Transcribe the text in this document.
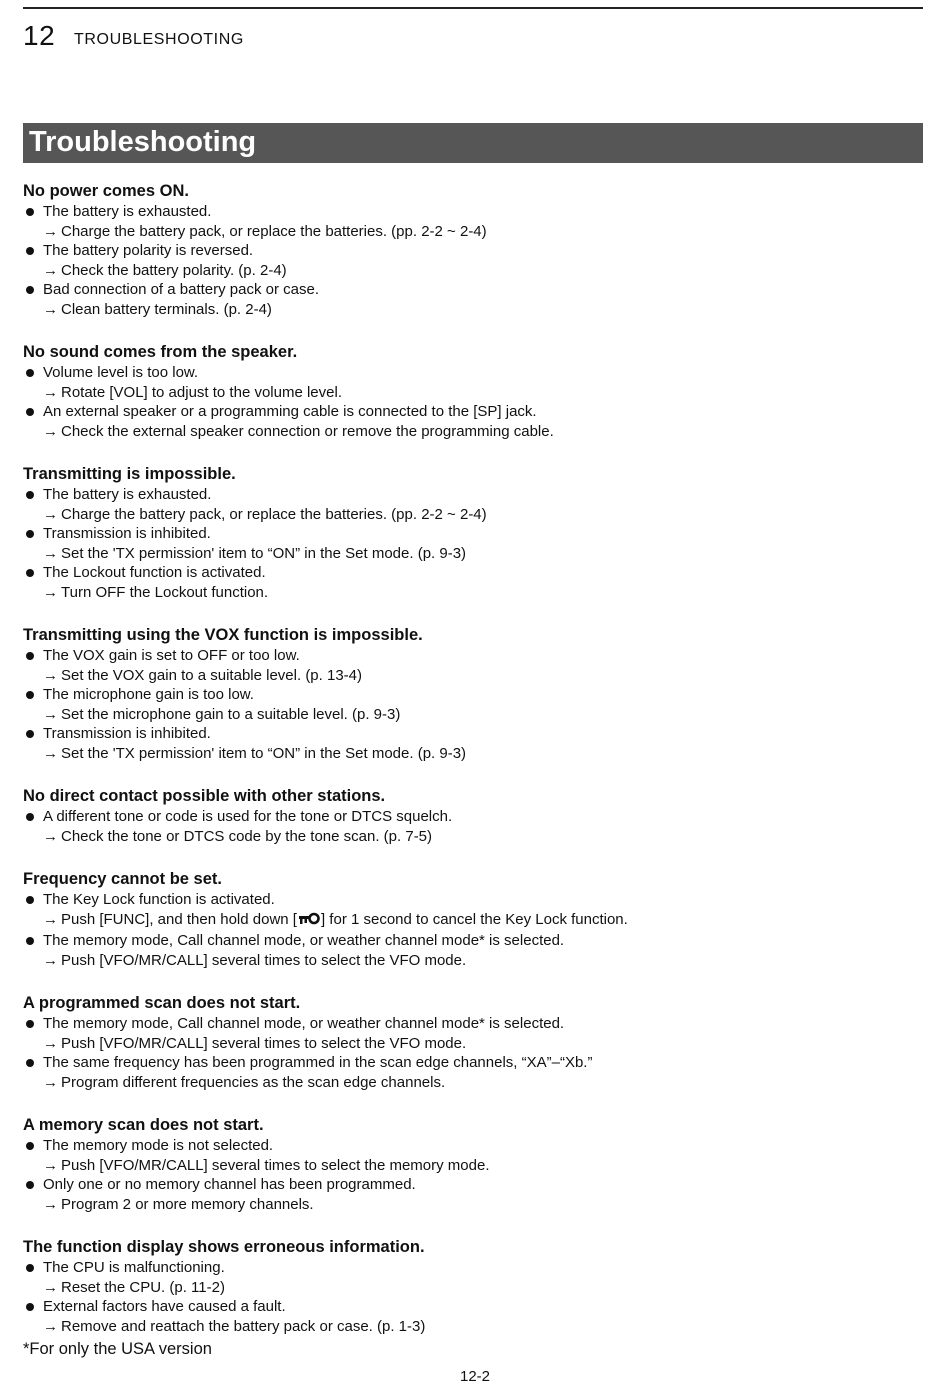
12 TROUBLESHOOTING
Troubleshooting
No power comes ON.
The battery is exhausted.
→ Charge the battery pack, or replace the batteries. (pp. 2-2 ~ 2-4)
The battery polarity is reversed.
→ Check the battery polarity. (p. 2-4)
Bad connection of a battery pack or case.
→ Clean battery terminals. (p. 2-4)
No sound comes from the speaker.
Volume level is too low.
→ Rotate [VOL] to adjust to the volume level.
An external speaker or a programming cable is connected to the [SP] jack.
→ Check the external speaker connection or remove the programming cable.
Transmitting is impossible.
The battery is exhausted.
→ Charge the battery pack, or replace the batteries. (pp. 2-2 ~ 2-4)
Transmission is inhibited.
→ Set the 'TX permission' item to “ON” in the Set mode. (p. 9-3)
The Lockout function is activated.
→ Turn OFF the Lockout function.
Transmitting using the VOX function is impossible.
The VOX gain is set to OFF or too low.
→ Set the VOX gain to a suitable level. (p. 13-4)
The microphone gain is too low.
→ Set the microphone gain to a suitable level. (p. 9-3)
Transmission is inhibited.
→ Set the 'TX permission' item to “ON” in the Set mode. (p. 9-3)
No direct contact possible with other stations.
A different tone or code is used for the tone or DTCS squelch.
→ Check the tone or DTCS code by the tone scan. (p. 7-5)
Frequency cannot be set.
The Key Lock function is activated.
→ Push [FUNC], and then hold down [ ] for 1 second to cancel the Key Lock function.
The memory mode, Call channel mode, or weather channel mode* is selected.
→ Push [VFO/MR/CALL] several times to select the VFO mode.
A programmed scan does not start.
The memory mode, Call channel mode, or weather channel mode* is selected.
→ Push [VFO/MR/CALL] several times to select the VFO mode.
The same frequency has been programmed in the scan edge channels, “XA”–“Xb.”
→ Program different frequencies as the scan edge channels.
A memory scan does not start.
The memory mode is not selected.
→ Push [VFO/MR/CALL] several times to select the memory mode.
Only one or no memory channel has been programmed.
→ Program 2 or more memory channels.
The function display shows erroneous information.
The CPU is malfunctioning.
→ Reset the CPU. (p. 11-2)
External factors have caused a fault.
→ Remove and reattach the battery pack or case. (p. 1-3)
*For only the USA version
12-2
